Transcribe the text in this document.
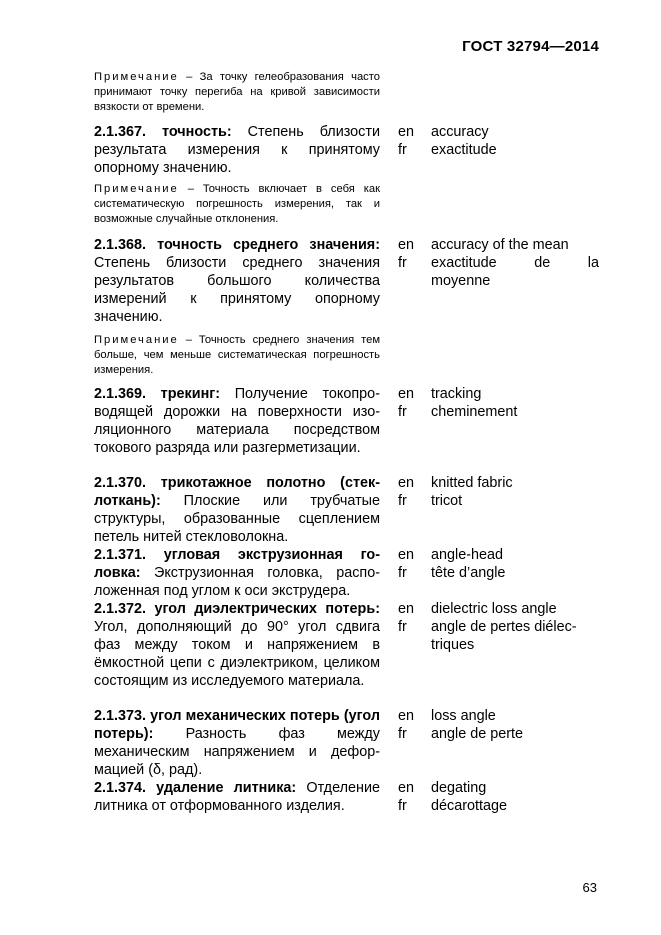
ГОСТ 32794—2014
Примечание – За точку гелеобразования часто принимают точку перегиба на кривой зависимости вязкости от времени.
2.1.367. точность: Степень близости результата измерения к принятому опорному значению.
en
fr
accuracy
exactitude
Примечание – Точность включает в себя как систематическую погрешность измерения, так и возможные случайные отклонения.
2.1.368. точность среднего значения: Степень близости среднего значения результатов большого количества измерений к принятому опорному значению.
en
fr
accuracy of the mean
exactitude de la
moyenne
Примечание – Точность среднего значения тем больше, чем меньше систематическая погрешность измерения.
2.1.369. трекинг: Получение токопроводящей дорожки на поверхности изоляционного материала посредством токового разряда или разгерметизации.
en
fr
tracking
cheminement
2.1.370. трикотажное полотно (стеклоткань): Плоские или трубчатые структуры, образованные сцеплением петель нитей стекловолокна.
en
fr
knitted fabric
tricot
2.1.371. угловая экструзионная головка: Экструзионная головка, расположенная под углом к оси экструдера.
en
fr
angle-head
tête d’angle
2.1.372. угол диэлектрических потерь: Угол, дополняющий до 90° угол сдвига фаз между током и напряжением в ёмкостной цепи с диэлектриком, целиком состоящим из исследуемого материала.
en
fr
dielectric loss angle
angle de pertes diélec-
triques
2.1.373. угол механических потерь (угол потерь): Разность фаз между механическим напряжением и деформацией (δ, рад).
en
fr
loss angle
angle de perte
2.1.374. удаление литника: Отделение литника от отформованного изделия.
en
fr
degating
décarottage
63
